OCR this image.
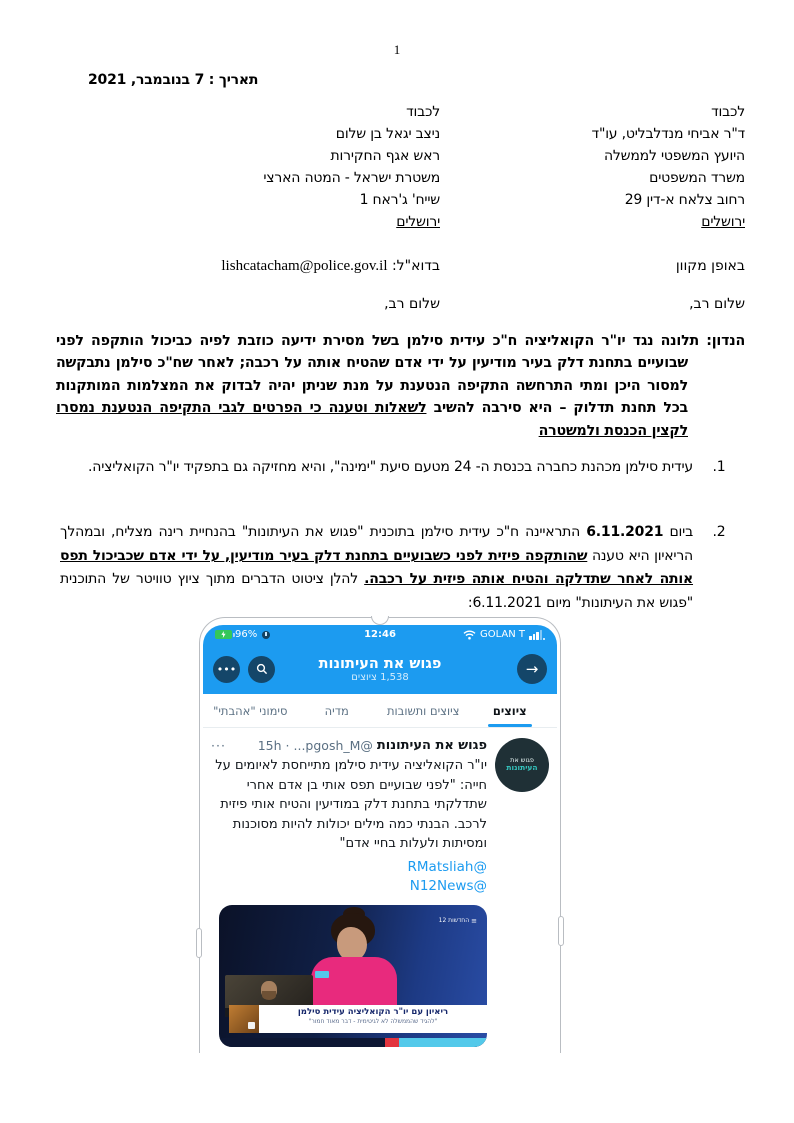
1
תאריך : 7 בנובמבר, 2021
לכבוד
ד"ר אביחי מנדלבליט, עו"ד
היועץ המשפטי לממשלה
משרד המשפטים
רחוב צלאח א-דין 29
ירושלים
לכבוד
ניצב יגאל בן שלום
ראש אגף החקירות
משטרת ישראל - המטה הארצי
שייח' ג'ראח 1
ירושלים
באופן מקוון
בדוא"ל: lishcatacham@police.gov.il
שלום רב,
שלום רב,
הנדון: תלונה נגד יו"ר הקואליציה ח"כ עידית סילמן בשל מסירת ידיעה כוזבת לפיה כביכול הותקפה לפני שבועיים בתחנת דלק בעיר מודיעין על ידי אדם שהטיח אותה על רכבה; לאחר שח"כ סילמן נתבקשה למסור היכן ומתי התרחשה התקיפה הנטענת על מנת שניתן יהיה לבדוק את המצלמות המותקנות בכל תחנת תדלוק – היא סירבה להשיב לשאלות וטענה כי הפרטים לגבי התקיפה הנטענת נמסרו לקצין הכנסת ולמשטרה
1.
עידית סילמן מכהנת כחברה בכנסת ה- 24 מטעם סיעת "ימינה", והיא מחזיקה גם בתפקיד יו"ר הקואליציה.
2.
ביום 6.11.2021 התראיינה ח"כ עידית סילמן בתוכנית "פגוש את העיתונות" בהנחיית רינה מצליח, ובמהלך הריאיון היא טענה שהותקפה פיזית לפני כשבועיים בתחנת דלק בעיר מודיעין, על ידי אדם שכביכול תפס אותה לאחר שתדלקה והטיח אותה פיזית על רכבה. להלן ציטוט הדברים מתוך ציוץ טוויטר של התוכנית "פגוש את העיתונות" מיום 6.11.2021:
96%	12:46	GOLAN T
•••	פגוש את העיתונות
1,538 ציוצים	→
ציוצים
ציוצים ותשובות
מדיה
סימוני "אהבתי"
פגוש את
העיתונות
פגוש את העיתונות
@pgosh_M...
·
15h
···
יו"ר הקואליציה עידית סילמן מתייחסת לאיומים על חייה: "לפני שבועיים תפס אותי בן אדם אחרי שתדלקתי בתחנת דלק במודיעין והטיח אותי פיזית לרכב. הבנתי כמה מילים יכולות להיות מסוכנות ומסיתות ולעלות בחיי אדם"
@RMatsliah
@N12News
≡
החדשות 12
ריאיון עם יו"ר הקואליציה עידית סילמן
"להגיד שהממשלה לא לגיטימית - דבר מאוד חמור"
